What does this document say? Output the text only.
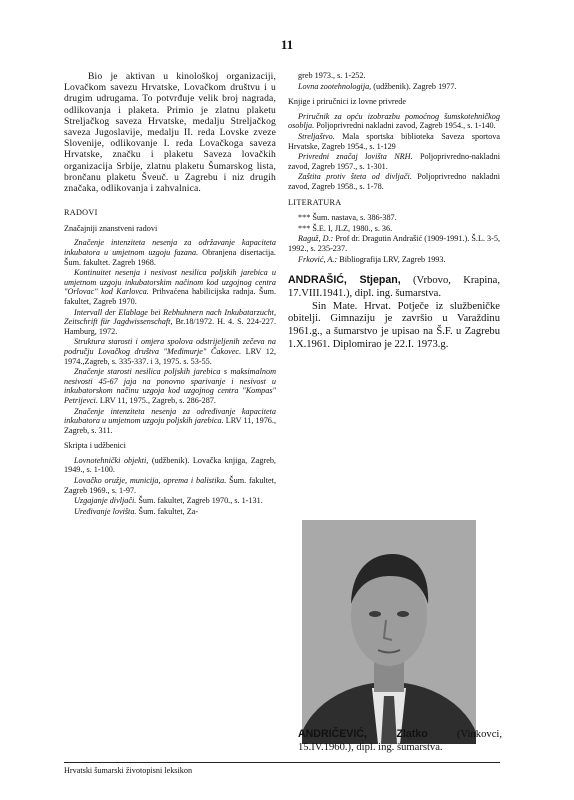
11

Bio je aktivan u kinološkoj organizaciji, Lovačkom savezu Hrvatske, Lovačkom društvu i u drugim udrugama. To potvrđuje velik broj nagrada, odlikovanja i plaketa. Primio je zlatnu plaketu Streljačkog saveza Hrvatske, medalju Streljačkog saveza Jugoslavije, medalju II. reda Lovske zveze Slovenije, odlikovanje I. reda Lovačkoga saveza Hrvatske, značku i plaketu Saveza lovačkih organizacija Srbije, zlatnu plaketu Šumarskog lista, brončanu plaketu Šveuč. u Zagrebu i niz drugih značaka, odlikovanja i zahvalnica.

RADOVI
Značajniji znanstveni radovi

Značenje intenziteta nesenja za održavanje kapaciteta inkubatora u umjetnom uzgoju fazana. Obranjena disertacija. Šum. fakultet. Zagreb 1968.

Kontinuitet nesenja i nesivost nesilica poljskih jarebica u umjetnom uzgoju inkubatorskim načinom kod uzgojnog centra "Orlovac" kod Karlovca. Prihvaćena habilicijska radnja. Šum. fakultet, Zagreb 1970.

Intervall der Elablage bei Rebhuhnern nach Inkubatarzucht, Zeitschrift für Jagdwissenschaft, Br.18/1972. H. 4. S. 224-227. Hamburg, 1972.

Struktura starosti i omjera spolova odstrijeljenih zečeva na području Lovačkog društva "Međimurje" Čakovec. LRV 12, 1974.,Zagreb, s. 335-337. i 3, 1975. s. 53-55.

Značenje starosti nesilica poljskih jarebica s maksimalnom nesivosti 45-67 jaja na ponovno sparivanje i nesivost u inkubatorskom načinu uzgoja kod uzgojnog centra "Kompas" Petrijevci. LRV 11, 1975., Zagreb, s. 286-287.

Značenje intenziteta nesenja za određivanje kapaciteta inkubatora u umjetnom uzgoju poljskih jarebica. LRV 11, 1976., Zagreb, s. 311.

Skripta i udžbenici

Lovnotehnički objekti, (udžbenik). Lovačka knjiga, Zagreb, 1949., s. 1-100.

Lovačko oružje, municija, oprema i balistika. Šum. fakultet, Zagreb 1969., s. 1-97.

Uzgajanje divljači. Šum. fakultet, Zagreb 1970., s. 1-131.

Uređivanje lovišta. Šum. fakultet, Za-

greb 1973., s. 1-252.

Lovna zootehnologija, (udžbenik). Zagreb 1977.

Knjige i priručnici iz lovne privrede

Priručnik za opću izobrazbu pomoćnog šumskotehničkog osoblja. Poljoprivredni nakladni zavod, Zagreb 1954., s. 1-140.

Streljaštvo. Mala sportska biblioteka Saveza sportova Hrvatske, Zagreb 1954., s. 1-129

Privredni značaj lovišta NRH. Poljoprivredno-nakladni zavod, Zagreb 1957., s. 1-301.

Zaštita protiv šteta od divljači. Poljoprivredno nakladni zavod, Zagreb 1958., s. 1-78.

LITERATURA

*** Šum. nastava, s. 386-387.

*** Š.E. I, JLZ, 1980., s. 36.

Raguž, D.: Prof dr. Dragutin Andrašić (1909-1991.). Š.L. 3-5, 1992., s. 235-237.

Frković, A.: Bibliografija LRV, Zagreb 1993.

ANDRAŠIĆ, Stjepan, (Vrbovo, Krapina, 17.VIII.1941.), dipl. ing. šumarstva.

Sin Mate. Hrvat. Potječe iz službeničke obitelji. Gimnaziju je završio u Varaždinu 1961.g., a šumarstvo je upisao na Š.F. u Zagrebu 1.X.1961. Diplomirao je 22.I. 1973.g.

ANDRIČEVIĆ, Zlatko (Vinkovci, 15.IV.1960.), dipl. ing. šumarstva.
Hrvatski šumarski životopisni leksikon
